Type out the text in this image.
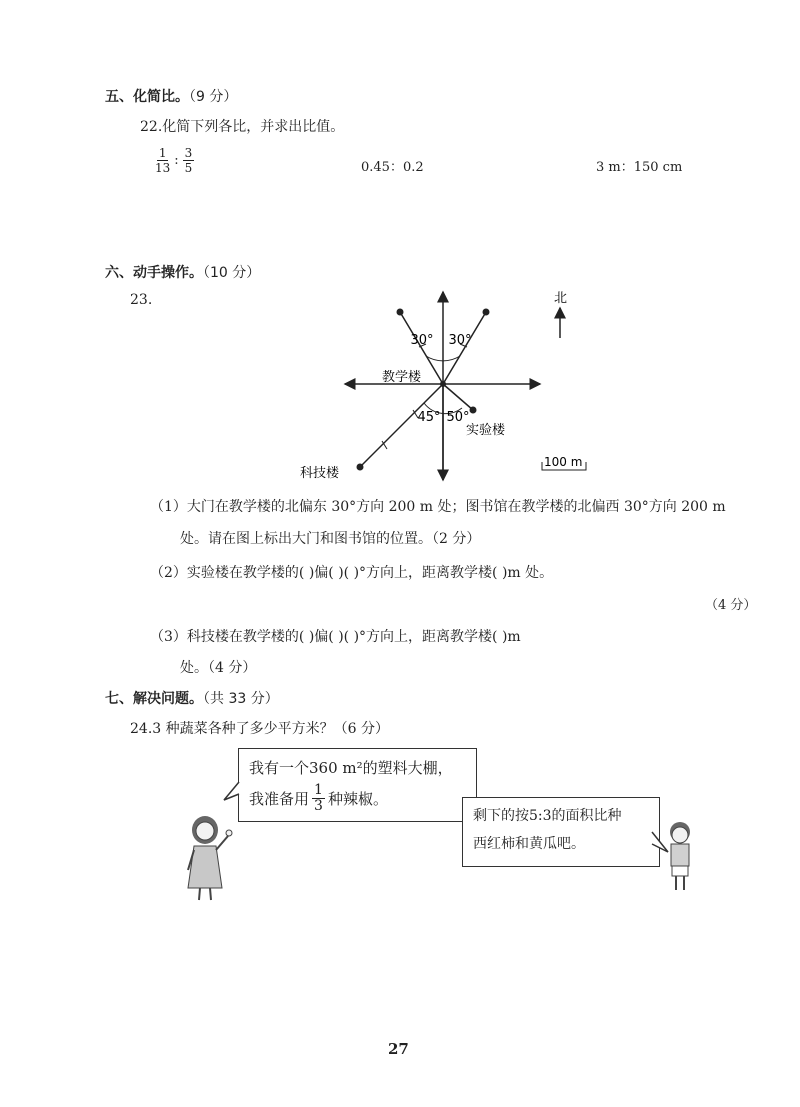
五、化简比。（9 分）
22.化简下列各比，并求出比值。
$\frac{1}{13}$ : $\frac{3}{5}$	0.45：0.2	3 m：150 cm
六、动手操作。（10 分）
23.
30° 30°
45° 50°
教学楼
实验楼
科技楼
北
100 m
（1）大门在教学楼的北偏东 30°方向 200 m 处；图书馆在教学楼的北偏西 30°方向 200 m
处。请在图上标出大门和图书馆的位置。（2 分）
（2）实验楼在教学楼的( )偏( )( )°方向上，距离教学楼( )m 处。
（4 分）
（3）科技楼在教学楼的( )偏( )( )°方向上，距离教学楼( )m
处。（4 分）
七、解决问题。（共 33 分）
24.3 种蔬菜各种了多少平方米？（6 分）
我有一个360 m²的塑料大棚，
我准备用 $\frac{1}{3}$ 种辣椒。
剩下的按5:3的面积比种
西红柿和黄瓜吧。
27
